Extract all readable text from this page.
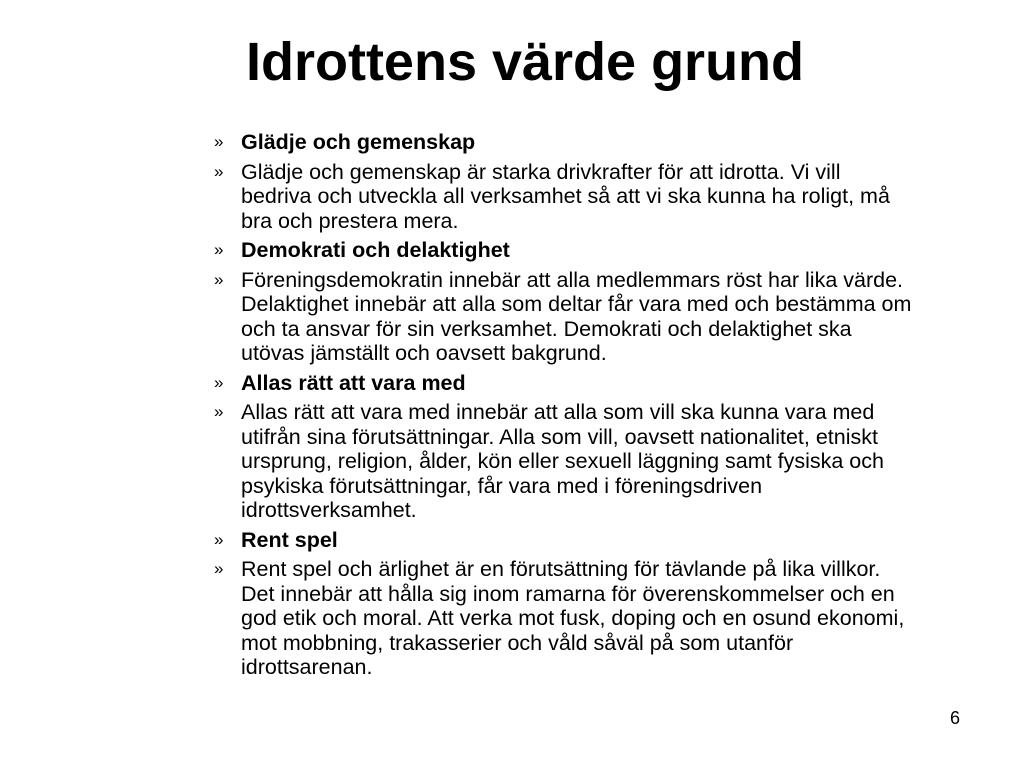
Idrottens värde grund
» Glädje och gemenskap
» Glädje och gemenskap är starka drivkrafter för att idrotta. Vi vill bedriva och utveckla all verksamhet så att vi ska kunna ha roligt, må bra och prestera mera.
» Demokrati och delaktighet
» Föreningsdemokratin innebär att alla medlemmars röst har lika värde. Delaktighet innebär att alla som deltar får vara med och bestämma om och ta ansvar för sin verksamhet. Demokrati och delaktighet ska utövas jämställt och oavsett bakgrund.
» Allas rätt att vara med
» Allas rätt att vara med innebär att alla som vill ska kunna vara med utifrån sina förutsättningar. Alla som vill, oavsett nationalitet, etniskt ursprung, religion, ålder, kön eller sexuell läggning samt fysiska och psykiska förutsättningar, får vara med i föreningsdriven idrottsverksamhet.
» Rent spel
» Rent spel och ärlighet är en förutsättning för tävlande på lika villkor. Det innebär att hålla sig inom ramarna för överenskommelser och en god etik och moral. Att verka mot fusk, doping och en osund ekonomi, mot mobbning, trakasserier och våld såväl på som utanför idrottsarenan.
6
